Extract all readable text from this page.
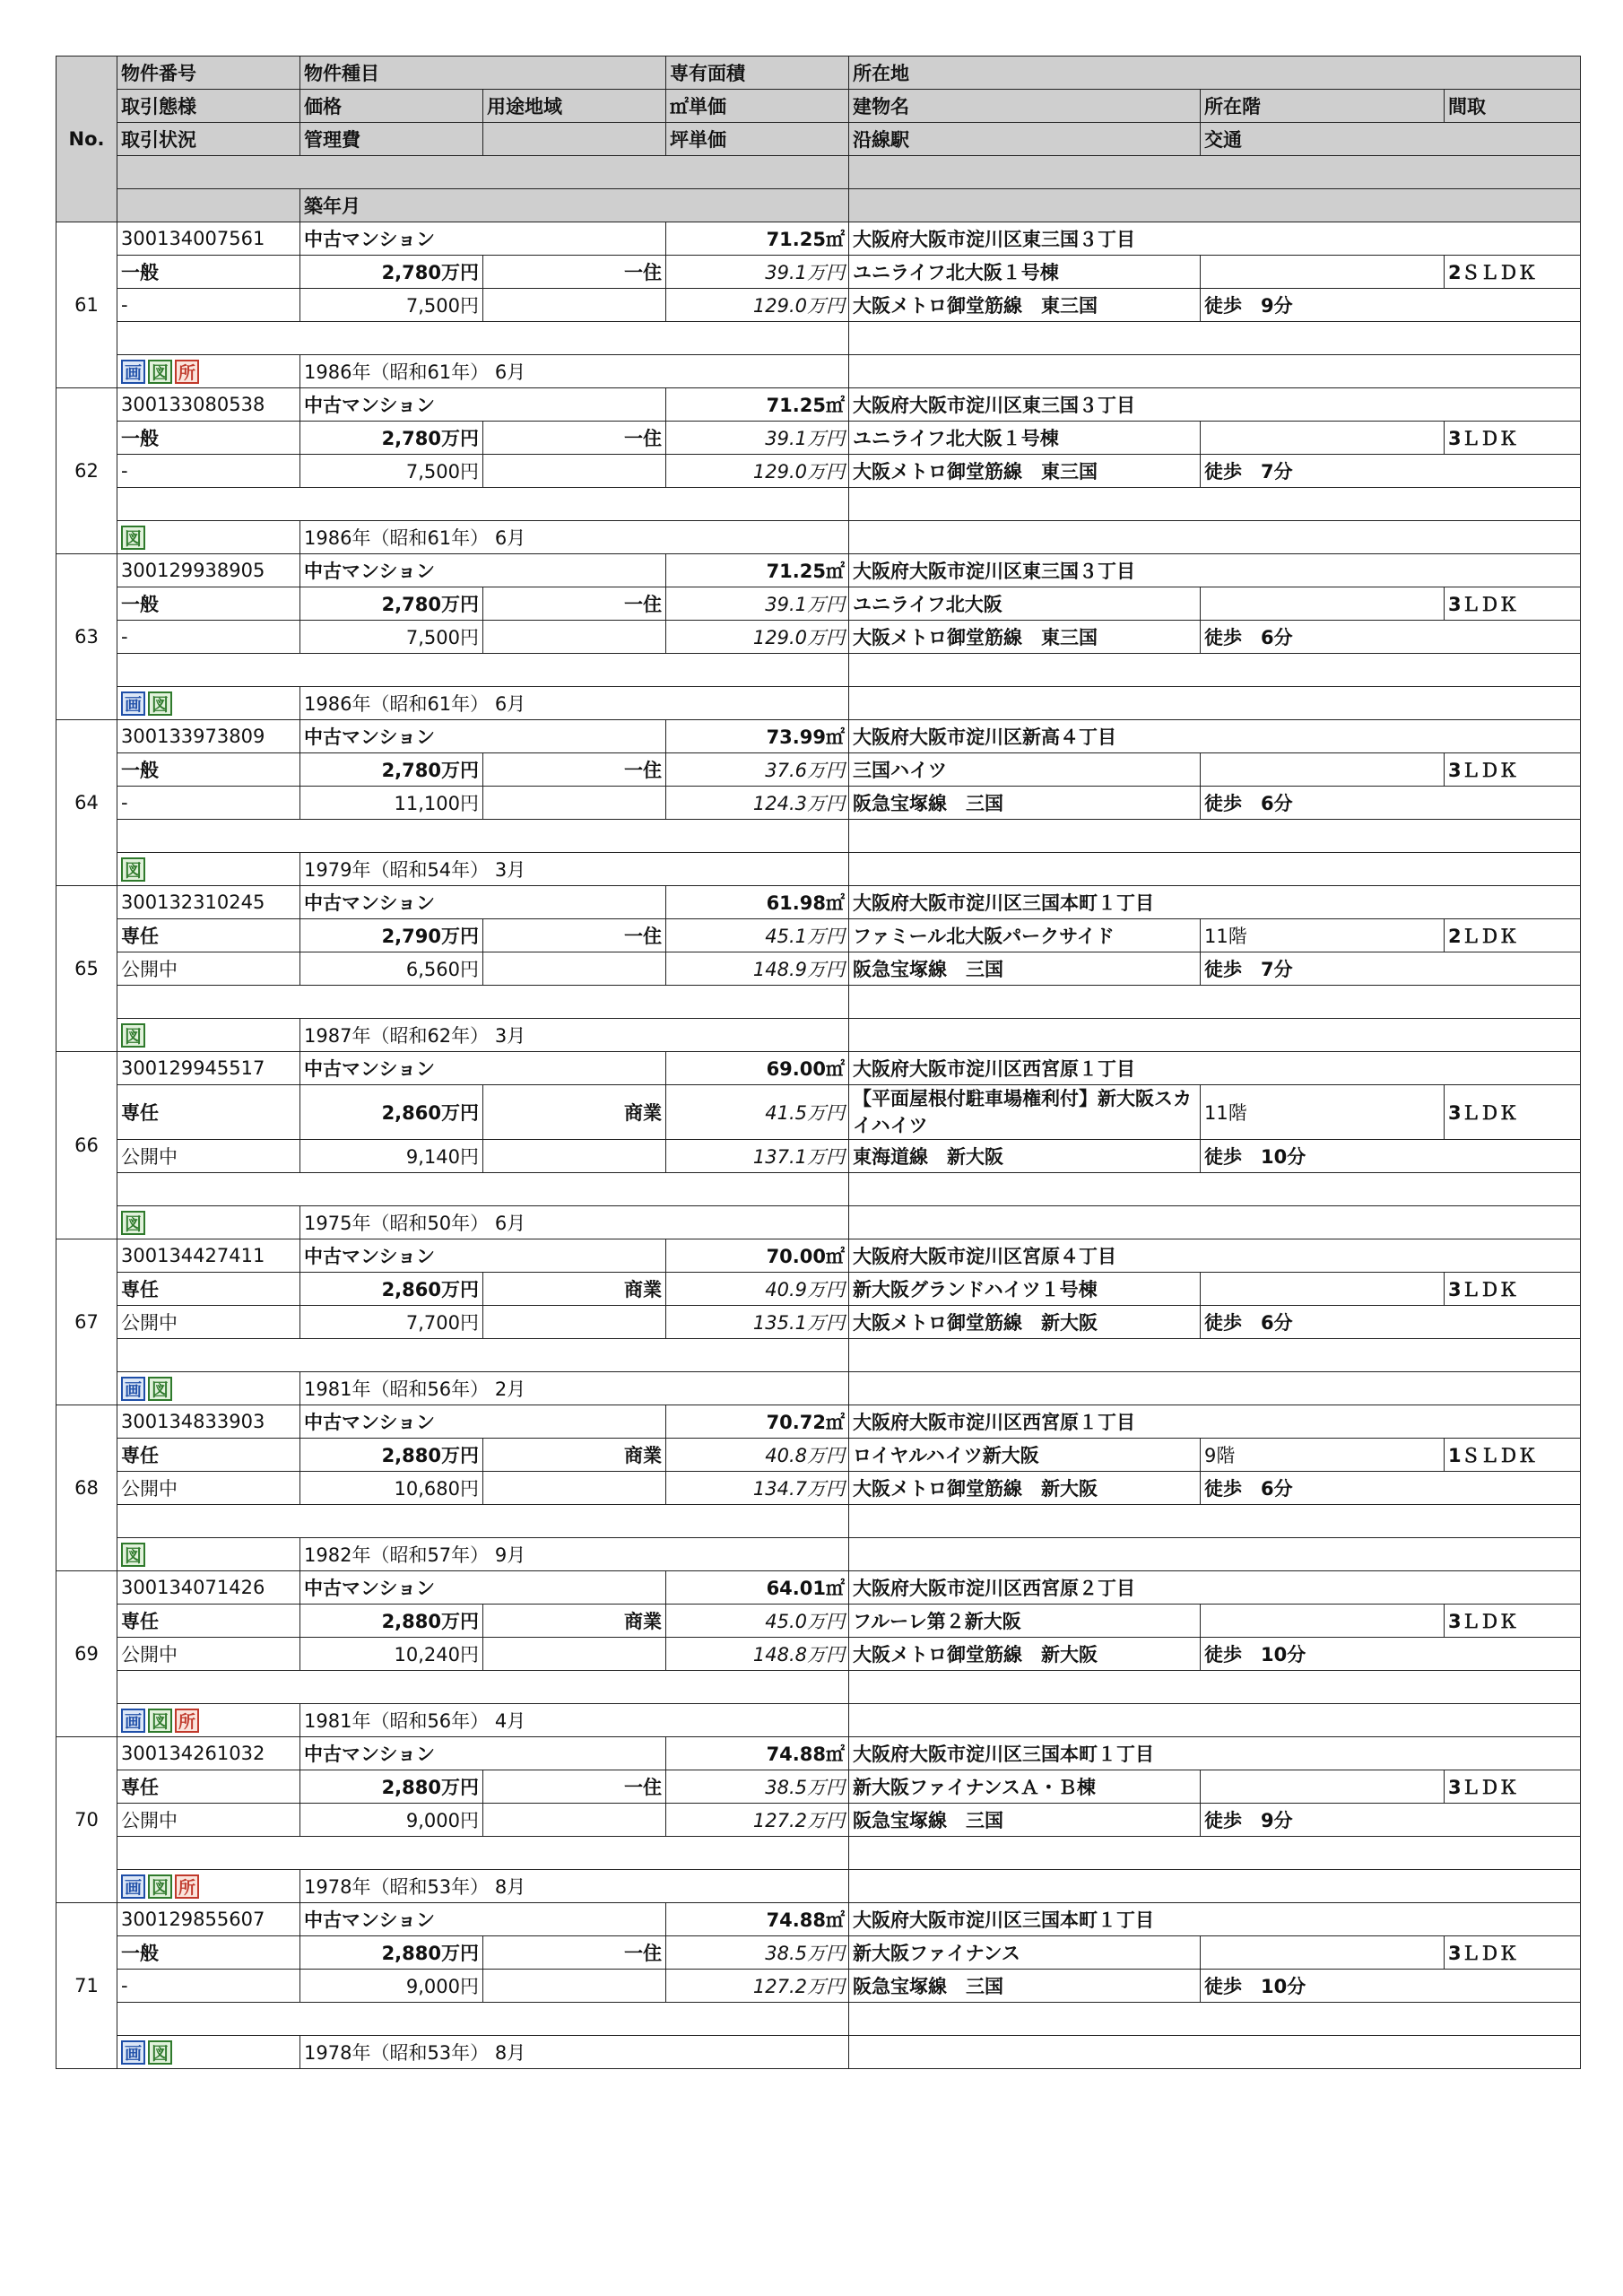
No.	物件番号	物件種目		専有面積	所在地		
	取引態様	価格	用途地域	㎡単価	建物名	所在階	間取
	取引状況	管理費		坪単価	沿線駅	交通	

		築年月					
61	300134007561	中古マンション		71.25㎡	大阪府大阪市淀川区東三国３丁目		
	一般	2,780万円	一住	39.1万円	ユニライフ北大阪１号棟		2ＳＬＤＫ
	-	7,500円		129.0万円	大阪メトロ御堂筋線　東三国	徒歩　9分	

	画 図 所	1986年（昭和61年） 6月					
62	300133080538	中古マンション		71.25㎡	大阪府大阪市淀川区東三国３丁目		
	一般	2,780万円	一住	39.1万円	ユニライフ北大阪１号棟		3ＬＤＫ
	-	7,500円		129.0万円	大阪メトロ御堂筋線　東三国	徒歩　7分	

	図	1986年（昭和61年） 6月					
63	300129938905	中古マンション		71.25㎡	大阪府大阪市淀川区東三国３丁目		
	一般	2,780万円	一住	39.1万円	ユニライフ北大阪		3ＬＤＫ
	-	7,500円		129.0万円	大阪メトロ御堂筋線　東三国	徒歩　6分	

	画 図	1986年（昭和61年） 6月					
64	300133973809	中古マンション		73.99㎡	大阪府大阪市淀川区新高４丁目		
	一般	2,780万円	一住	37.6万円	三国ハイツ		3ＬＤＫ
	-	11,100円		124.3万円	阪急宝塚線　三国	徒歩　6分	

	図	1979年（昭和54年） 3月					
65	300132310245	中古マンション		61.98㎡	大阪府大阪市淀川区三国本町１丁目		
	専任	2,790万円	一住	45.1万円	ファミール北大阪パークサイド	11階	2ＬＤＫ
	公開中	6,560円		148.9万円	阪急宝塚線　三国	徒歩　7分	

	図	1987年（昭和62年） 3月					
66	300129945517	中古マンション		69.00㎡	大阪府大阪市淀川区西宮原１丁目		
	専任	2,860万円	商業	41.5万円	【平面屋根付駐車場権利付】新大阪スカイハイツ	11階	3ＬＤＫ
	公開中	9,140円		137.1万円	東海道線　新大阪	徒歩　10分	

	図	1975年（昭和50年） 6月					
67	300134427411	中古マンション		70.00㎡	大阪府大阪市淀川区宮原４丁目		
	専任	2,860万円	商業	40.9万円	新大阪グランドハイツ１号棟		3ＬＤＫ
	公開中	7,700円		135.1万円	大阪メトロ御堂筋線　新大阪	徒歩　6分	

	画 図	1981年（昭和56年） 2月					
68	300134833903	中古マンション		70.72㎡	大阪府大阪市淀川区西宮原１丁目		
	専任	2,880万円	商業	40.8万円	ロイヤルハイツ新大阪	9階	1ＳＬＤＫ
	公開中	10,680円		134.7万円	大阪メトロ御堂筋線　新大阪	徒歩　6分	

	図	1982年（昭和57年） 9月					
69	300134071426	中古マンション		64.01㎡	大阪府大阪市淀川区西宮原２丁目		
	専任	2,880万円	商業	45.0万円	フルーレ第２新大阪		3ＬＤＫ
	公開中	10,240円		148.8万円	大阪メトロ御堂筋線　新大阪	徒歩　10分	

	画 図 所	1981年（昭和56年） 4月					
70	300134261032	中古マンション		74.88㎡	大阪府大阪市淀川区三国本町１丁目		
	専任	2,880万円	一住	38.5万円	新大阪ファイナンスＡ・Ｂ棟		3ＬＤＫ
	公開中	9,000円		127.2万円	阪急宝塚線　三国	徒歩　9分	

	画 図 所	1978年（昭和53年） 8月					
71	300129855607	中古マンション		74.88㎡	大阪府大阪市淀川区三国本町１丁目		
	一般	2,880万円	一住	38.5万円	新大阪ファイナンス		3ＬＤＫ
	-	9,000円		127.2万円	阪急宝塚線　三国	徒歩　10分	

	画 図	1978年（昭和53年） 8月					
